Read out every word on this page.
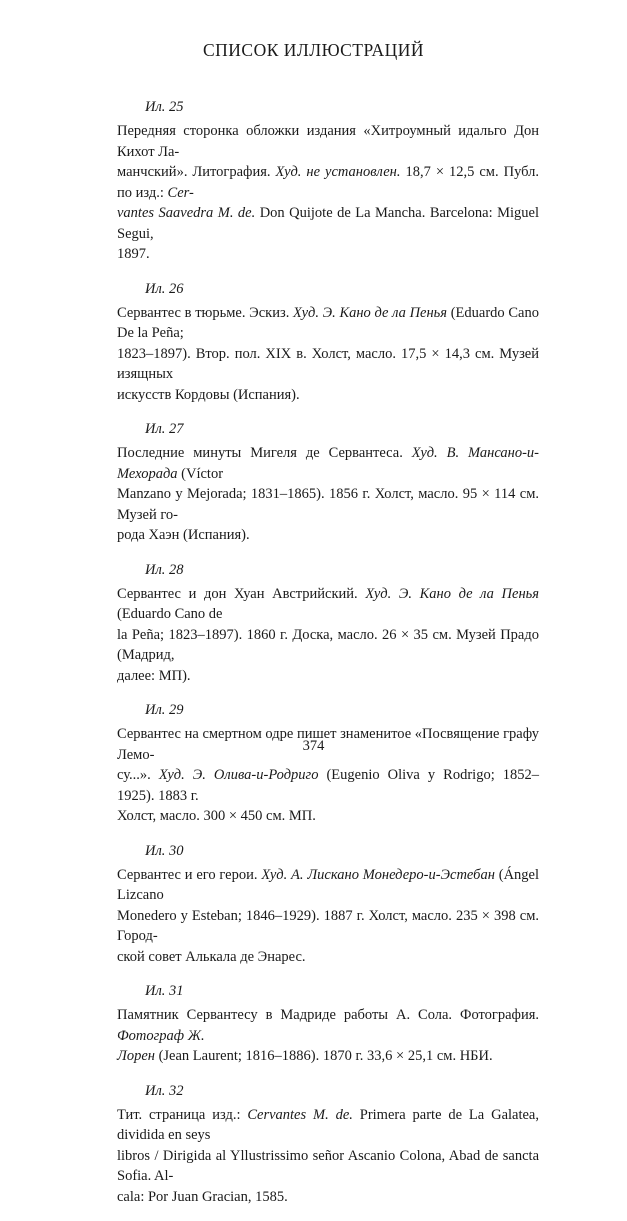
СПИСОК ИЛЛЮСТРАЦИЙ
Ил. 25

Передняя сторонка обложки издания «Хитроумный идальго Дон Кихот Ла-
манчский». Литография. Худ. не установлен. 18,7 × 12,5 см. Публ. по изд.: Cer-
vantes Saavedra M. de. Don Quijote de La Mancha. Barcelona: Miguel Segui,
1897.

Ил. 26

Сервантес в тюрьме. Эскиз. Худ. Э. Кано де ла Пенья (Eduardo Cano De la Peña;
1823–1897). Втор. пол. XIX в. Холст, масло. 17,5 × 14,3 см. Музей изящных
искусств Кордовы (Испания).

Ил. 27

Последние минуты Мигеля де Сервантеса. Худ. В. Мансано-и-Мехорада (Víctor
Manzano y Mejorada; 1831–1865). 1856 г. Холст, масло. 95 × 114 см. Музей го-
рода Хаэн (Испания).

Ил. 28

Сервантес и дон Хуан Австрийский. Худ. Э. Кано де ла Пенья (Eduardo Cano de
la Peña; 1823–1897). 1860 г. Доска, масло. 26 × 35 см. Музей Прадо (Мадрид,
далее: МП).

Ил. 29

Сервантес на смертном одре пишет знаменитое «Посвящение графу Лемо-
су...». Худ. Э. Олива-и-Родриго (Eugenio Oliva y Rodrigo; 1852–1925). 1883 г.
Холст, масло. 300 × 450 см. МП.

Ил. 30

Сервантес и его герои. Худ. А. Лискано Монедеро-и-Эстебан (Ángel Lizcano
Monedero y Esteban; 1846–1929). 1887 г. Холст, масло. 235 × 398 см. Город-
ской совет Алькала де Энарес.

Ил. 31

Памятник Сервантесу в Мадриде работы А. Сола. Фотография. Фотограф Ж.
Лорен (Jean Laurent; 1816–1886). 1870 г. 33,6 × 25,1 см. НБИ.

Ил. 32

Тит. страница изд.: Cervantes M. de. Primera parte de La Galatea, dividida en seys
libros / Dirigida al Yllustrissimo señor Ascanio Colona, Abad de sancta Sofia. Al-
cala: Por Juan Gracian, 1585.

374
